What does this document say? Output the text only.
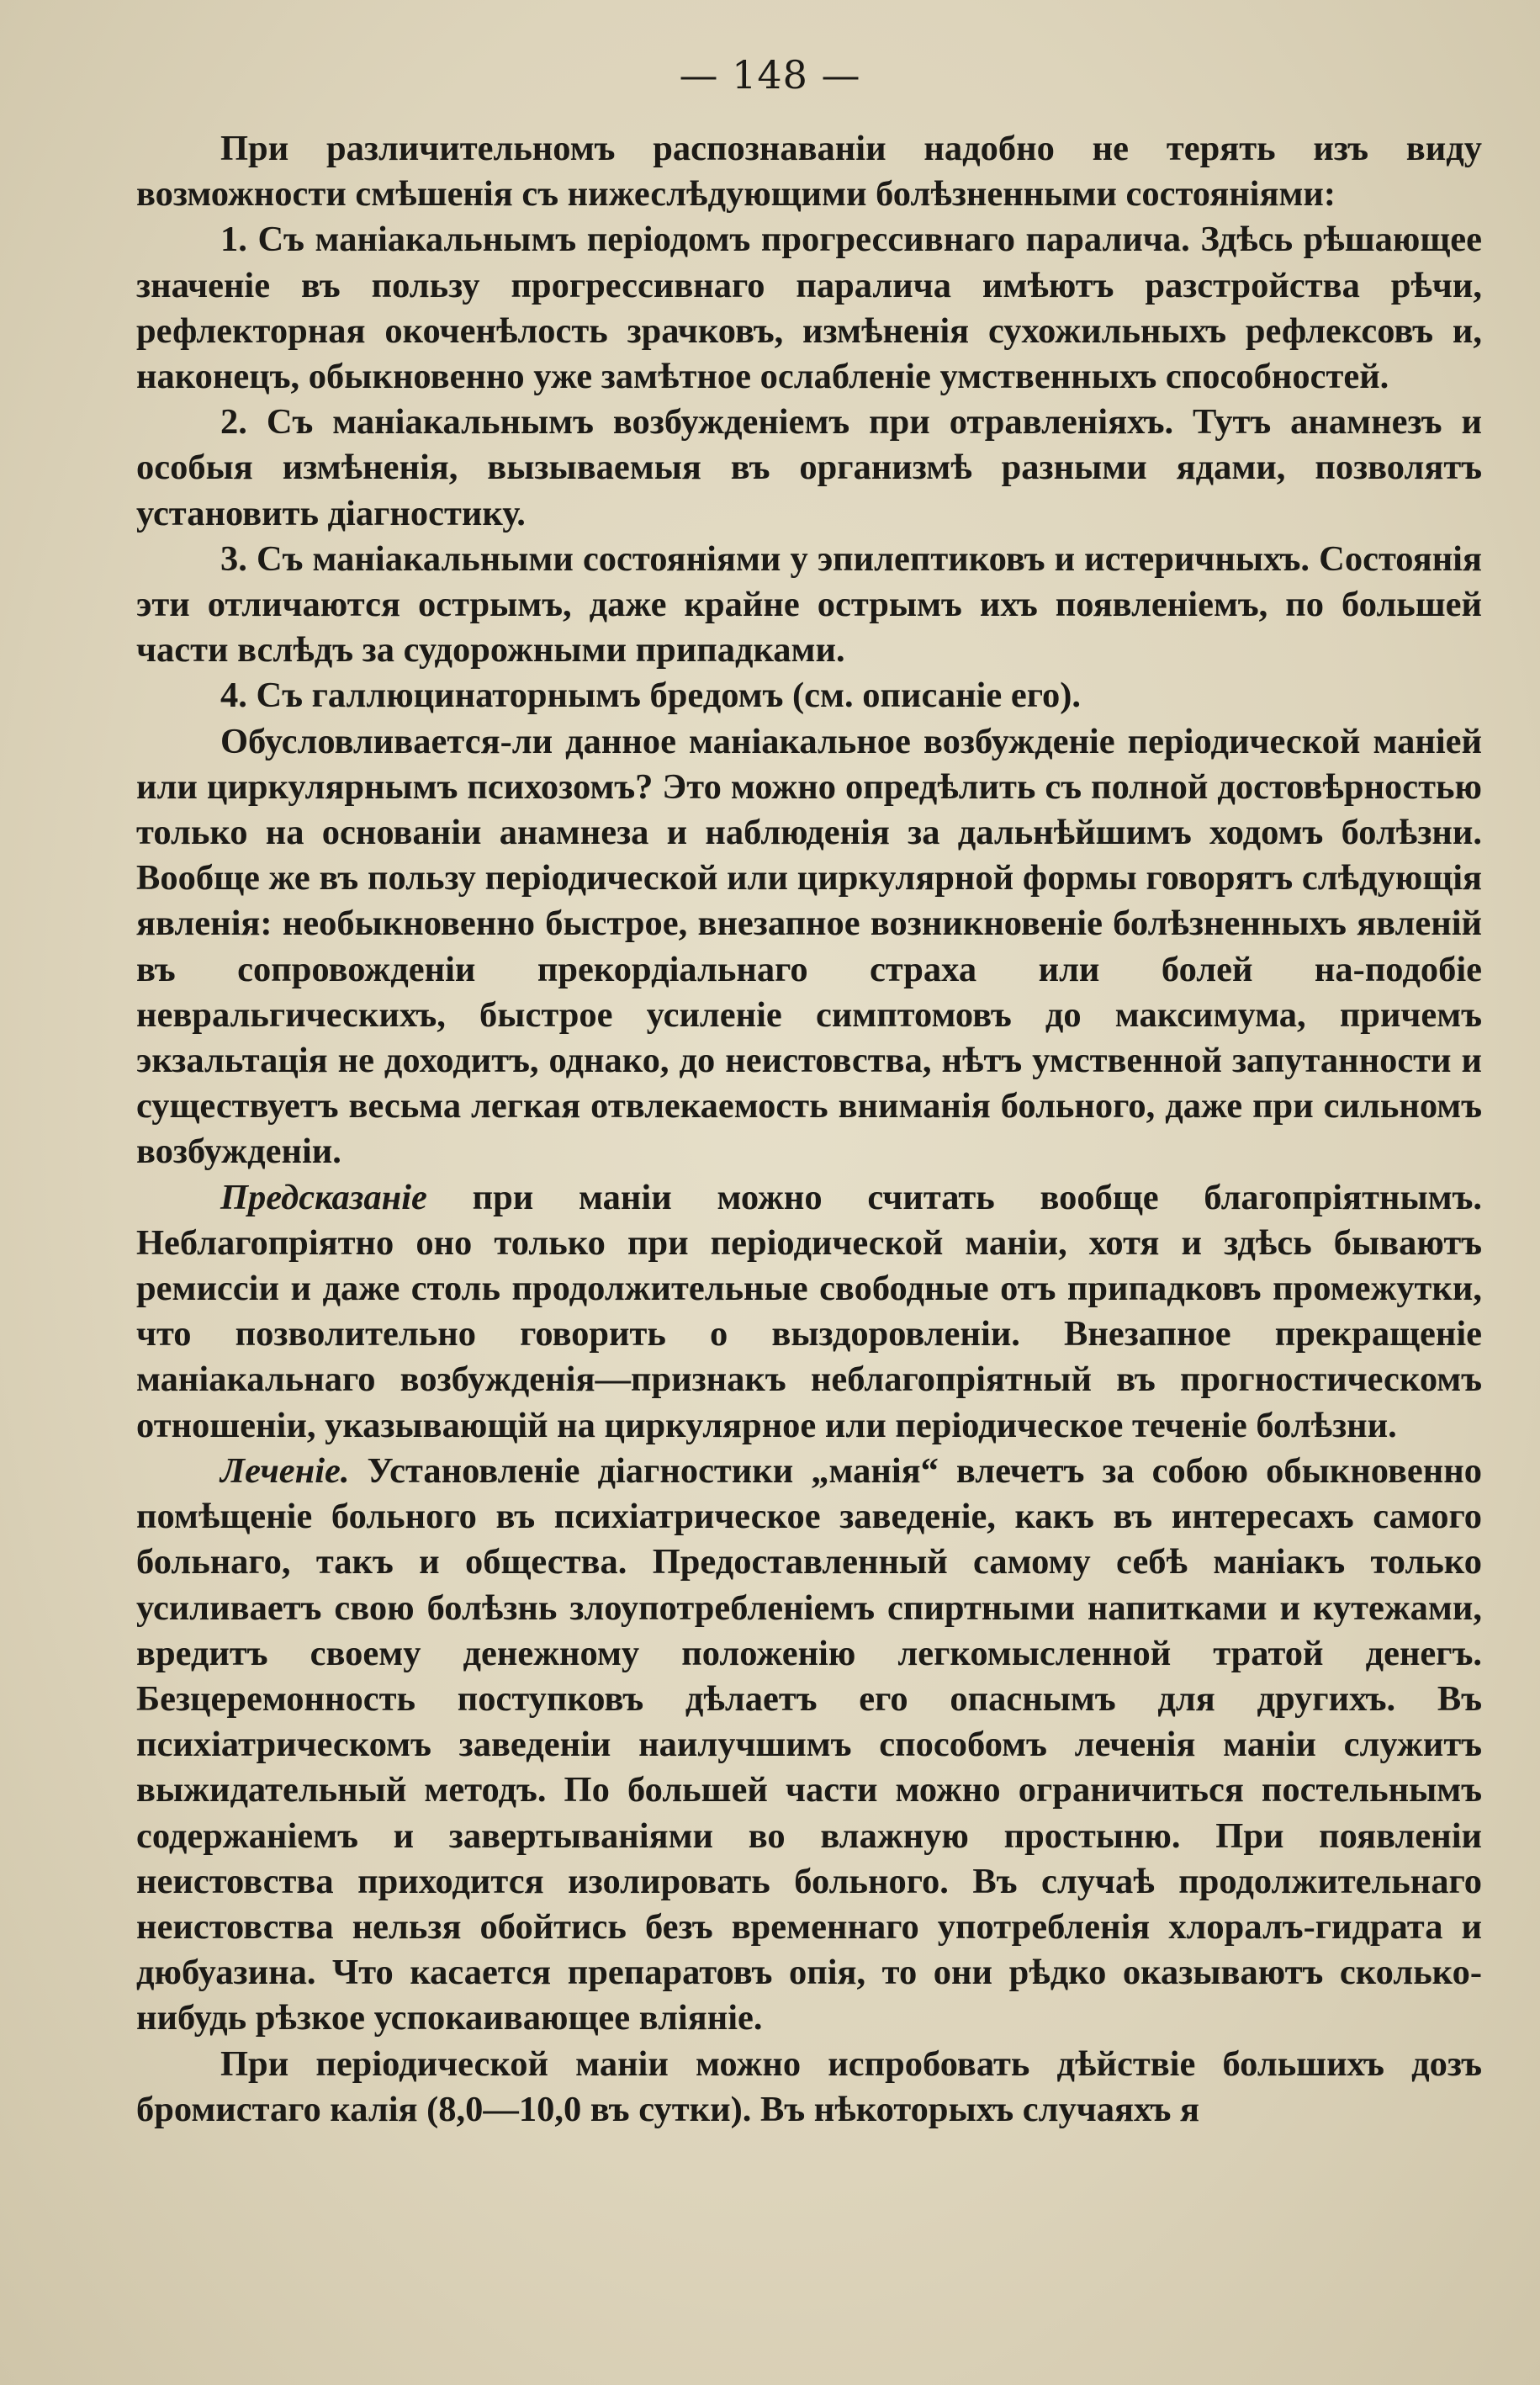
— 148 —

При различительномъ распознаваніи надобно не терять изъ виду возможности смѣшенія съ нижеслѣдующими болѣзненными состояніями:

1. Съ маніакальнымъ періодомъ прогрессивнаго паралича. Здѣсь рѣшающее значеніе въ пользу прогрессивнаго паралича имѣютъ разстройства рѣчи, рефлекторная окоченѣлость зрачковъ, измѣненія сухожильныхъ рефлексовъ и, наконецъ, обыкновенно уже замѣтное ослабленіе умственныхъ способностей.

2. Съ маніакальнымъ возбужденіемъ при отравленіяхъ. Тутъ анамнезъ и особыя измѣненія, вызываемыя въ организмѣ разными ядами, позволятъ установить діагностику.

3. Съ маніакальными состояніями у эпилептиковъ и истеричныхъ. Состоянія эти отличаются острымъ, даже крайне острымъ ихъ появленіемъ, по большей части вслѣдъ за судорожными припадками.

4. Съ галлюцинаторнымъ бредомъ (см. описаніе его).

Обусловливается-ли данное маніакальное возбужденіе періодической маніей или циркулярнымъ психозомъ? Это можно опредѣлить съ полной достовѣрностью только на основаніи анамнеза и наблюденія за дальнѣйшимъ ходомъ болѣзни. Вообще же въ пользу періодической или циркулярной формы говорятъ слѣдующія явленія: необыкновенно быстрое, внезапное возникновеніе болѣзненныхъ явленій въ сопровожденіи прекордіальнаго страха или болей на-подобіе невральгическихъ, быстрое усиленіе симптомовъ до максимума, причемъ экзальтація не доходитъ, однако, до неистовства, нѣтъ умственной запутанности и существуетъ весьма легкая отвлекаемость вниманія больного, даже при сильномъ возбужденіи.

Предсказаніе при маніи можно считать вообще благопріятнымъ. Неблагопріятно оно только при періодической маніи, хотя и здѣсь бываютъ ремиссіи и даже столь продолжительные свободные отъ припадковъ промежутки, что позволительно говорить о выздоровленіи. Внезапное прекращеніе маніакальнаго возбужденія—признакъ неблагопріятный въ прогностическомъ отношеніи, указывающій на циркулярное или періодическое теченіе болѣзни.

Леченіе. Установленіе діагностики „манія“ влечетъ за собою обыкновенно помѣщеніе больного въ психіатрическое заведеніе, какъ въ интересахъ самого больнаго, такъ и общества. Предоставленный самому себѣ маніакъ только усиливаетъ свою болѣзнь злоупотребленіемъ спиртными напитками и кутежами, вредитъ своему денежному положенію легкомысленной тратой денегъ. Безцеремонность поступковъ дѣлаетъ его опаснымъ для другихъ. Въ психіатрическомъ заведеніи наилучшимъ способомъ леченія маніи служитъ выжидательный методъ. По большей части можно ограничиться постельнымъ содержаніемъ и завертываніями во влажную простыню. При появленіи неистовства приходится изолировать больного. Въ случаѣ продолжительнаго неистовства нельзя обойтись безъ временнаго употребленія хлоралъ-гидрата и дюбуазина. Что касается препаратовъ опія, то они рѣдко оказываютъ сколько-нибудь рѣзкое успокаивающее вліяніе.

При періодической маніи можно испробовать дѣйствіе большихъ дозъ бромистаго калія (8,0—10,0 въ сутки). Въ нѣкоторыхъ случаяхъ я
